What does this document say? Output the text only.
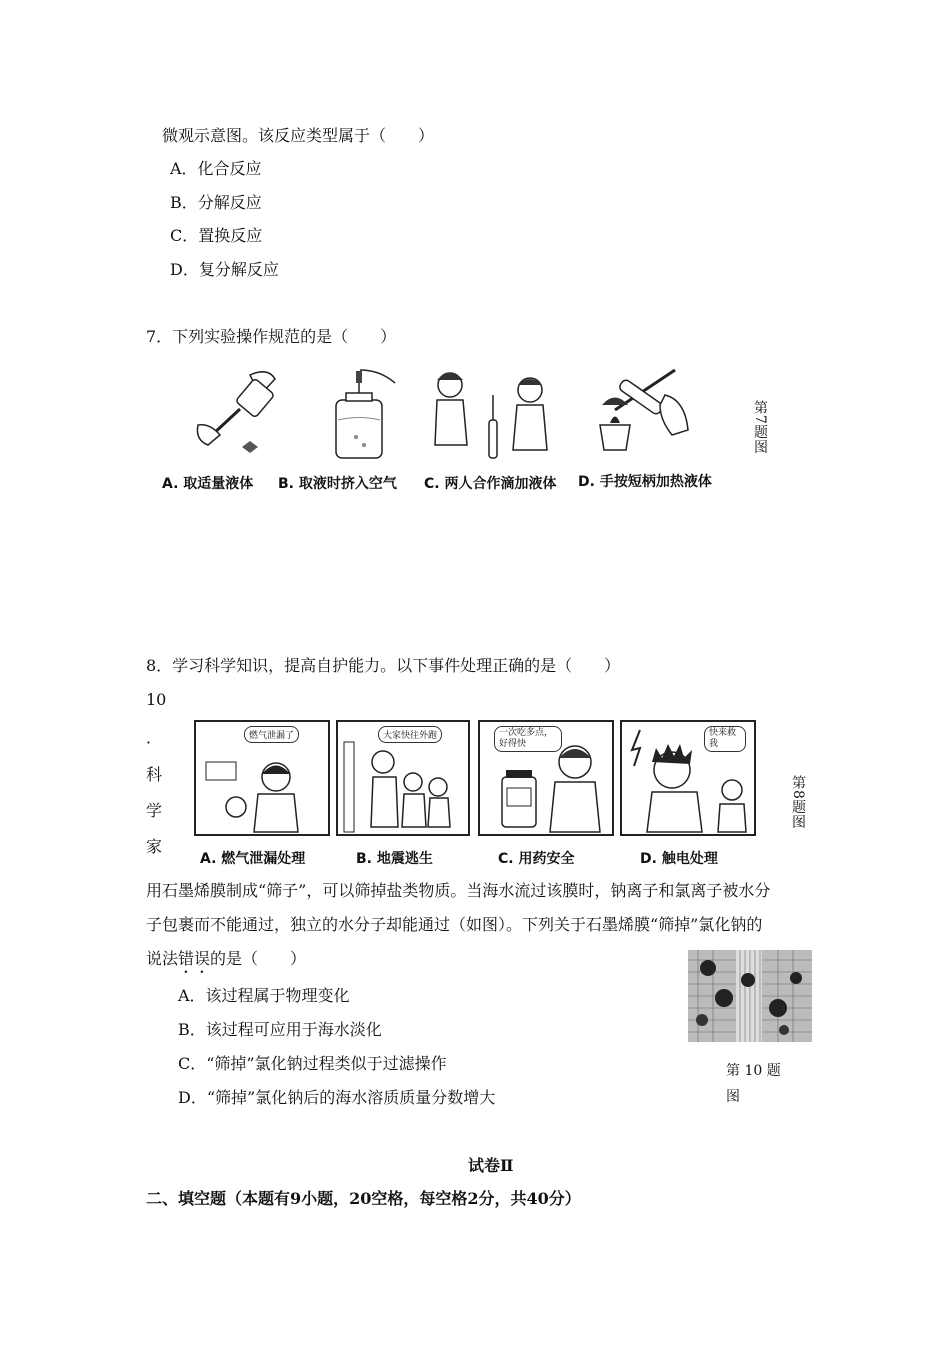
微观示意图。该反应类型属于（　　）
A．化合反应
B．分解反应
C．置换反应
D．复分解反应
7．下列实验操作规范的是（　　）
A. 取适量液体 B. 取液时挤入空气 C. 两人合作滴加液体 D. 手按短柄加热液体
第7题图
8．学习科学知识，提高自护能力。以下事件处理正确的是（　　）
燃气泄漏了	大家快往外跑	一次吃多点，好得快
快来救我
A. 燃气泄漏处理	B. 地震逃生	C. 用药安全	D. 触电处理
第8题图
10
．
科
学
家
用石墨烯膜制成“筛子”，可以筛掉盐类物质。当海水流过该膜时，钠离子和氯离子被水分
子包裹而不能通过，独立的水分子却能通过（如图）。下列关于石墨烯膜“筛掉”氯化钠的
说法错误的是（　　）
A．该过程属于物理变化
B．该过程可应用于海水淡化
C．“筛掉”氯化钠过程类似于过滤操作
D．“筛掉”氯化钠后的海水溶质质量分数增大
第 10 题
图
试卷Ⅱ
二、填空题（本题有9小题，20空格，每空格2分，共40分）
